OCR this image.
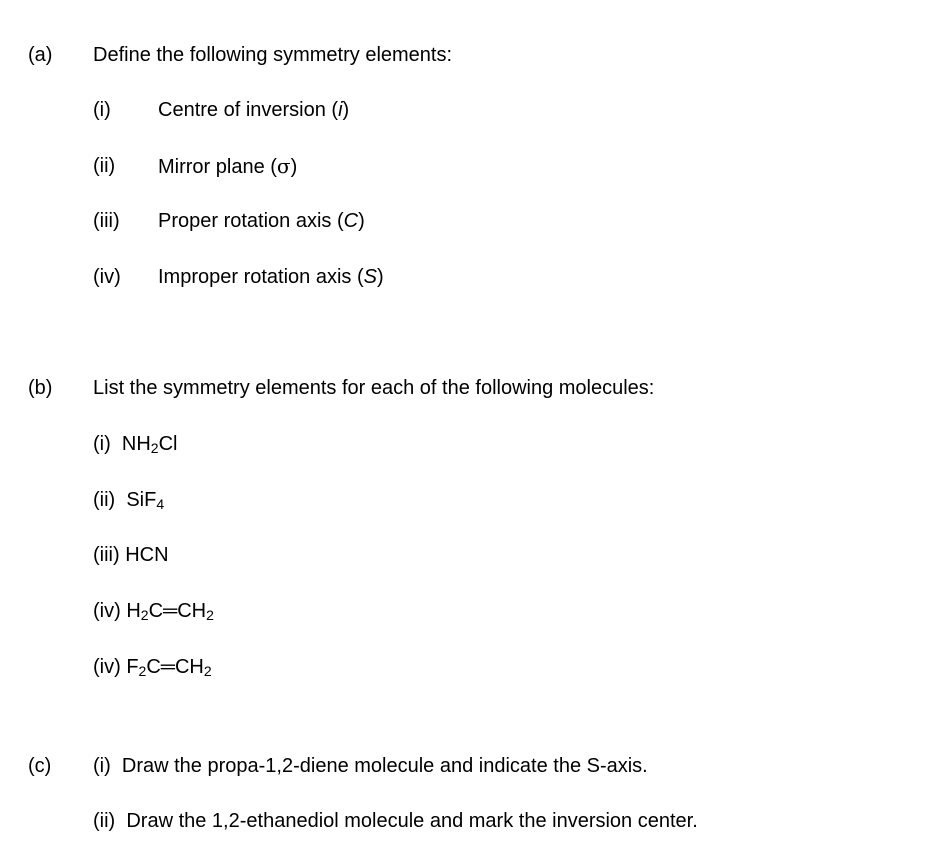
(a) Define the following symmetry elements:
(i) Centre of inversion (i)
(ii) Mirror plane (σ)
(iii) Proper rotation axis (C)
(iv) Improper rotation axis (S)
(b) List the symmetry elements for each of the following molecules:
(i) $NH_2Cl$
(ii) SiF$_4$
(iii) HCN
(iv) $H_2C═CH_2$
(iv) $F_2C═CH_2$
(c) (i) Draw the propa-1,2-diene molecule and indicate the S-axis.
(ii) Draw the 1,2-ethanediol molecule and mark the inversion center.
